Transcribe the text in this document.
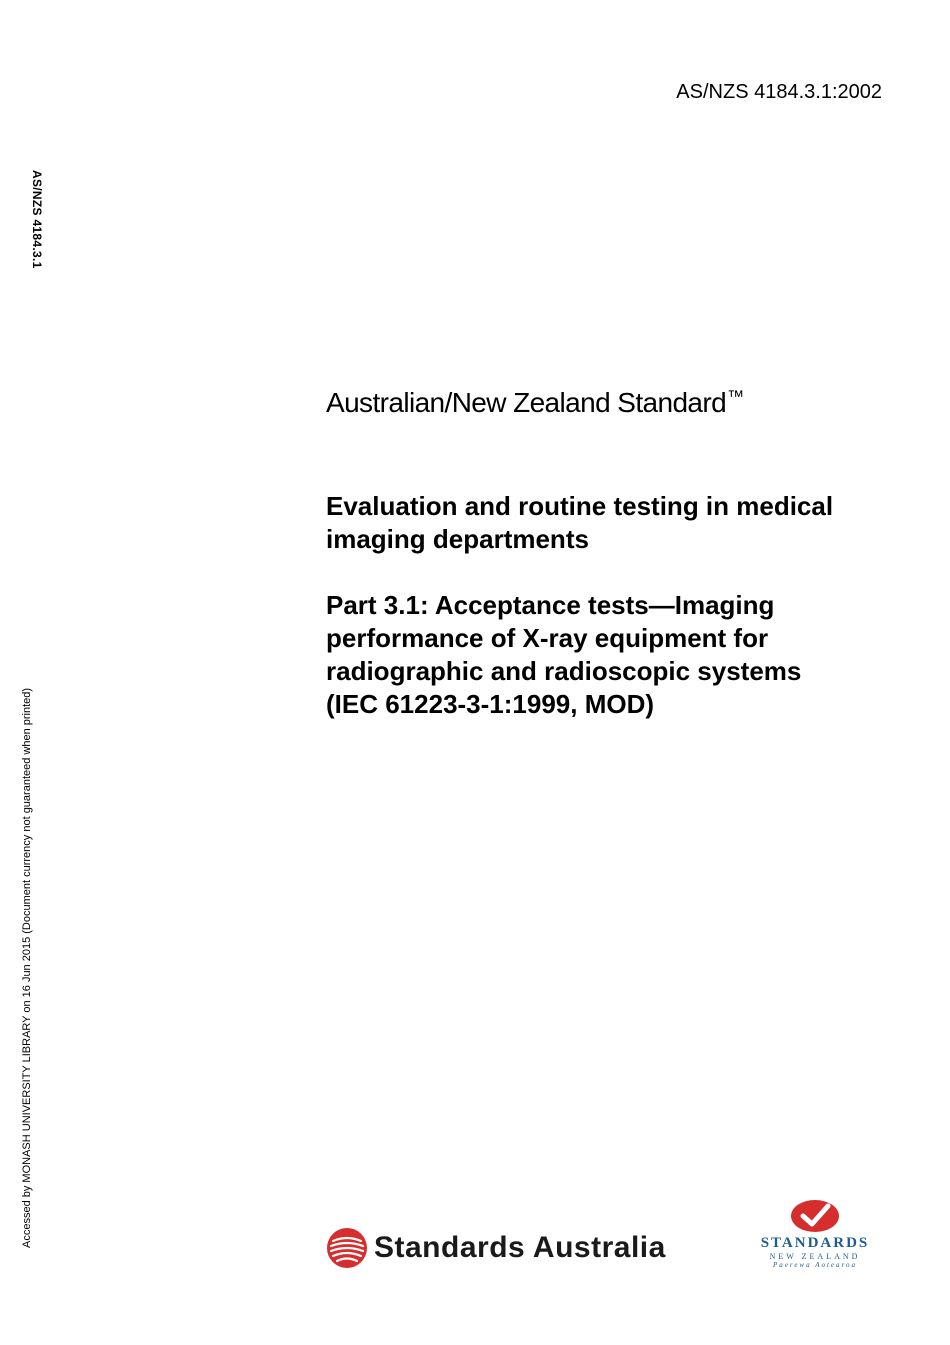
AS/NZS 4184.3.1:2002
AS/NZS 4184.3.1
Accessed by MONASH UNIVERSITY LIBRARY on 16 Jun 2015 (Document currency not guaranteed when printed)
Australian/New Zealand Standard™
Evaluation and routine testing in medical imaging departments
Part 3.1: Acceptance tests—Imaging
performance of X-ray equipment for
radiographic and radioscopic systems
(IEC 61223-3-1:1999, MOD)
Standards Australia	STANDARDS
NEW ZEALAND
Paerewa Aotearoa
